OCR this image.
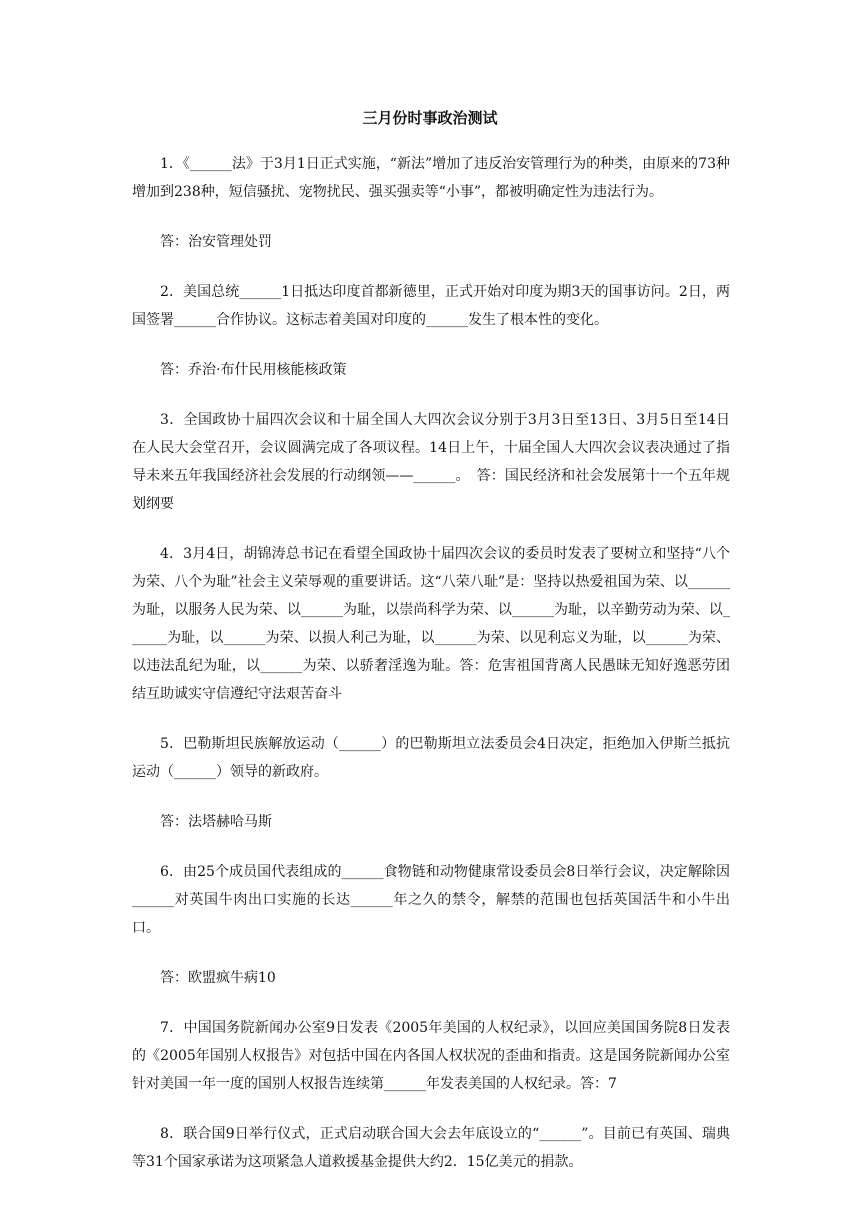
三月份时事政治测试

1．《______法》于3月1日正式实施，“新法”增加了违反治安管理行为的种类，由原来的73种增加到238种，短信骚扰、宠物扰民、强买强卖等“小事”，都被明确定性为违法行为。

答：治安管理处罚

2．美国总统______1日抵达印度首都新德里，正式开始对印度为期3天的国事访问。2日，两国签署______合作协议。这标志着美国对印度的______发生了根本性的变化。

答：乔治·布什民用核能核政策

3．全国政协十届四次会议和十届全国人大四次会议分别于3月3日至13日、3月5日至14日在人民大会堂召开，会议圆满完成了各项议程。14日上午，十届全国人大四次会议表决通过了指导未来五年我国经济社会发展的行动纲领——______。　答：国民经济和社会发展第十一个五年规划纲要

4．3月4日，胡锦涛总书记在看望全国政协十届四次会议的委员时发表了要树立和坚持“八个为荣、八个为耻”社会主义荣辱观的重要讲话。这“八荣八耻”是：坚持以热爱祖国为荣、以______为耻，以服务人民为荣、以______为耻，以崇尚科学为荣、以______为耻，以辛勤劳动为荣、以______为耻，以______为荣、以损人利己为耻，以______为荣、以见利忘义为耻，以______为荣、以违法乱纪为耻，以______为荣、以骄奢淫逸为耻。答：危害祖国背离人民愚昧无知好逸恶劳团结互助诚实守信遵纪守法艰苦奋斗

5．巴勒斯坦民族解放运动（______）的巴勒斯坦立法委员会4日决定，拒绝加入伊斯兰抵抗运动（______）领导的新政府。

答：法塔赫哈马斯

6．由25个成员国代表组成的______食物链和动物健康常设委员会8日举行会议，决定解除因______对英国牛肉出口实施的长达______年之久的禁令，解禁的范围也包括英国活牛和小牛出口。

答：欧盟疯牛病10

7．中国国务院新闻办公室9日发表《2005年美国的人权纪录》，以回应美国国务院8日发表的《2005年国别人权报告》对包括中国在内各国人权状况的歪曲和指责。这是国务院新闻办公室针对美国一年一度的国别人权报告连续第______年发表美国的人权纪录。答：7

8．联合国9日举行仪式，正式启动联合国大会去年底设立的“______”。目前已有英国、瑞典等31个国家承诺为这项紧急人道救援基金提供大约2．15亿美元的捐款。
